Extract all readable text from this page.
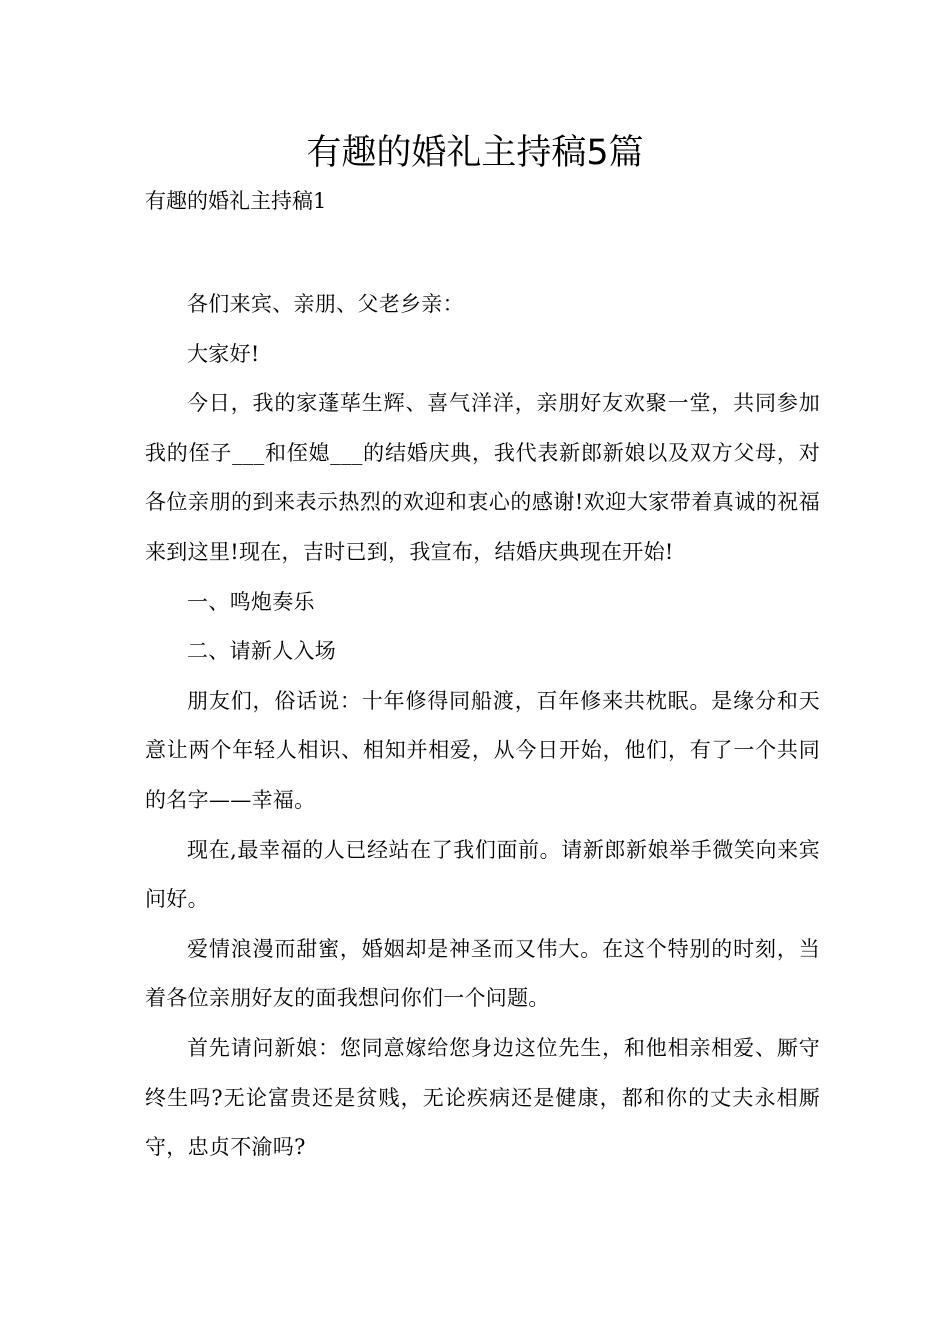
有趣的婚礼主持稿5篇
有趣的婚礼主持稿1

各们来宾、亲朋、父老乡亲：

大家好!

今日，我的家蓬荜生辉、喜气洋洋，亲朋好友欢聚一堂，共同参加我的侄子___和侄媳___的结婚庆典，我代表新郎新娘以及双方父母，对各位亲朋的到来表示热烈的欢迎和衷心的感谢!欢迎大家带着真诚的祝福来到这里!现在，吉时已到，我宣布，结婚庆典现在开始!

一、鸣炮奏乐

二、请新人入场

朋友们，俗话说：十年修得同船渡，百年修来共枕眠。是缘分和天意让两个年轻人相识、相知并相爱，从今日开始，他们，有了一个共同的名字——幸福。

现在,最幸福的人已经站在了我们面前。请新郎新娘举手微笑向来宾问好。

爱情浪漫而甜蜜，婚姻却是神圣而又伟大。在这个特别的时刻，当着各位亲朋好友的面我想问你们一个问题。

首先请问新娘：您同意嫁给您身边这位先生，和他相亲相爱、厮守终生吗?无论富贵还是贫贱，无论疾病还是健康，都和你的丈夫永相厮守，忠贞不渝吗?
